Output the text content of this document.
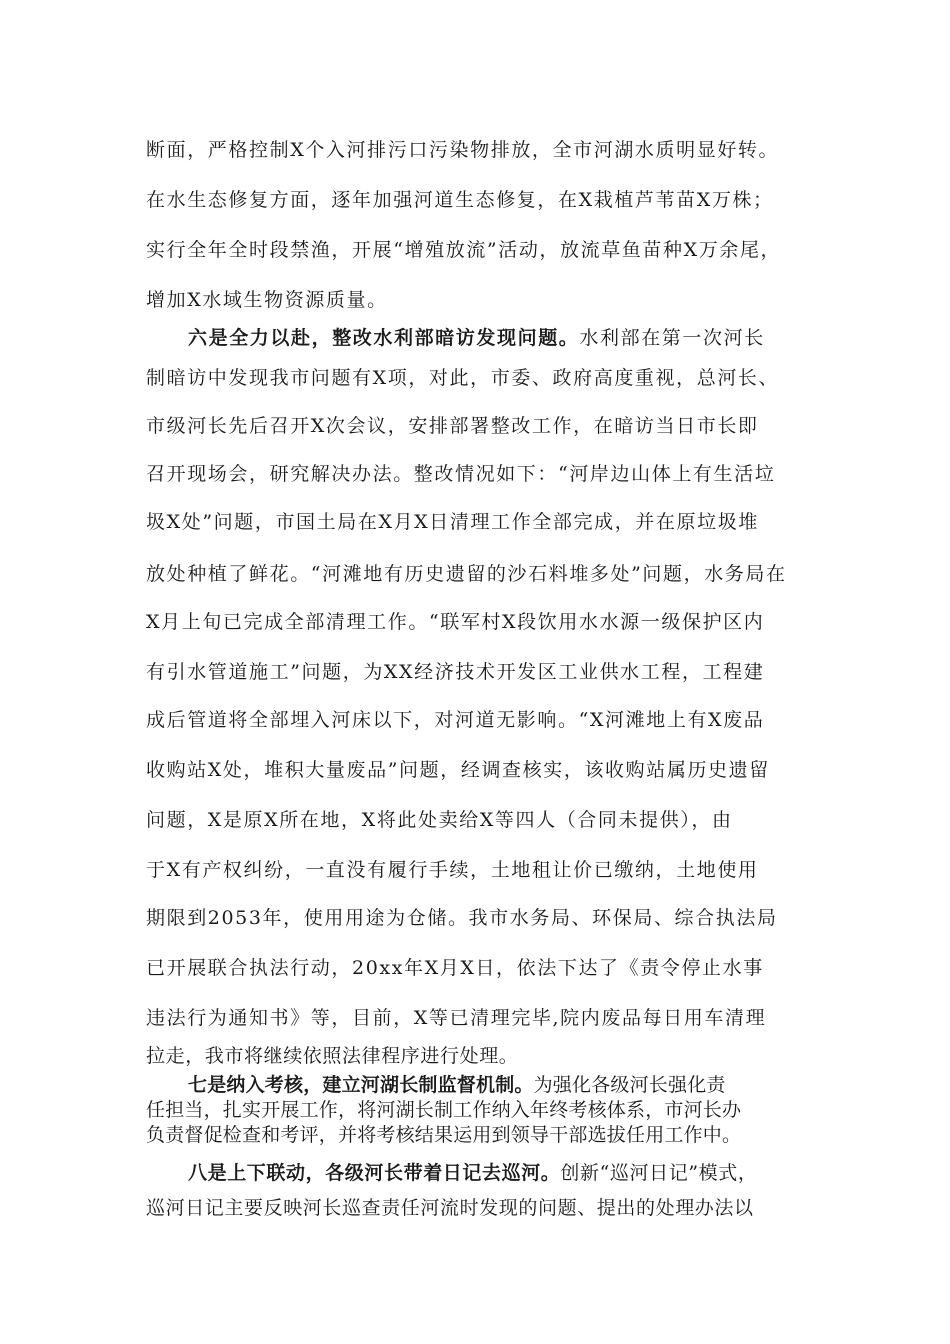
断面，严格控制X个入河排污口污染物排放，全市河湖水质明显好转。
在水生态修复方面，逐年加强河道生态修复，在X栽植芦苇苗X万株；
实行全年全时段禁渔，开展“增殖放流”活动，放流草鱼苗种X万余尾，
增加X水域生物资源质量。
六是全力以赴，整改水利部暗访发现问题。水利部在第一次河长
制暗访中发现我市问题有X项，对此，市委、政府高度重视，总河长、
市级河长先后召开X次会议，安排部署整改工作，在暗访当日市长即
召开现场会，研究解决办法。整改情况如下：“河岸边山体上有生活垃
圾X处”问题，市国土局在X月X日清理工作全部完成，并在原垃圾堆
放处种植了鲜花。“河滩地有历史遗留的沙石料堆多处”问题，水务局在
X月上旬已完成全部清理工作。“联军村X段饮用水水源一级保护区内
有引水管道施工”问题，为XX经济技术开发区工业供水工程，工程建
成后管道将全部埋入河床以下，对河道无影响。“X河滩地上有X废品
收购站X处，堆积大量废品”问题，经调查核实，该收购站属历史遗留
问题，X是原X所在地，X将此处卖给X等四人（合同未提供），由
于X有产权纠纷，一直没有履行手续，土地租让价已缴纳，土地使用
期限到2053年，使用用途为仓储。我市水务局、环保局、综合执法局
已开展联合执法行动，20xx年X月X日，依法下达了《责令停止水事
违法行为通知书》等，目前，X等已清理完毕,院内废品每日用车清理
拉走，我市将继续依照法律程序进行处理。
七是纳入考核，建立河湖长制监督机制。为强化各级河长强化责
任担当，扎实开展工作，将河湖长制工作纳入年终考核体系，市河长办
负责督促检查和考评，并将考核结果运用到领导干部选拔任用工作中。
八是上下联动，各级河长带着日记去巡河。创新“巡河日记”模式，
巡河日记主要反映河长巡查责任河流时发现的问题、提出的处理办法以
